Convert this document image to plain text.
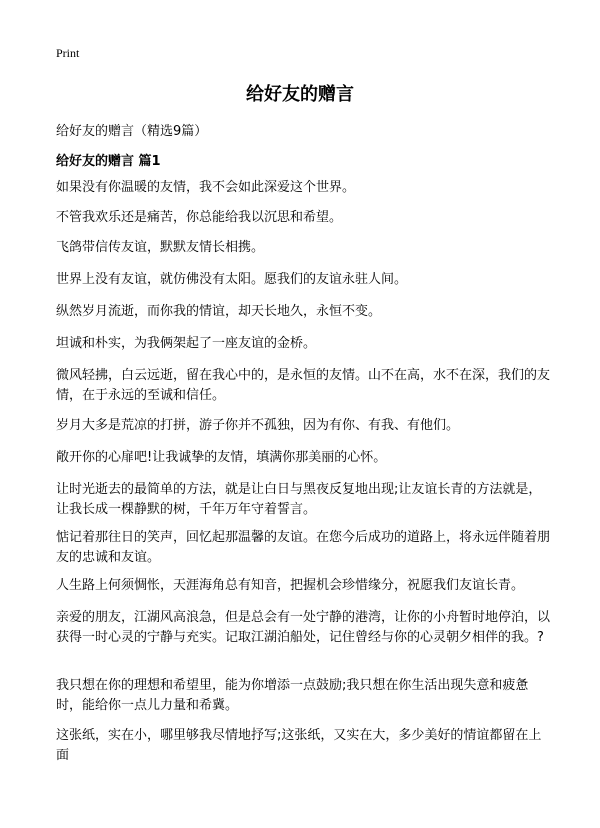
Print
给好友的赠言
给好友的赠言（精选9篇）
给好友的赠言 篇1

如果没有你温暖的友情，我不会如此深爱这个世界。

不管我欢乐还是痛苦，你总能给我以沉思和希望。

飞鸽带信传友谊，默默友情长相携。

世界上没有友谊，就仿佛没有太阳。愿我们的友谊永驻人间。

纵然岁月流逝，而你我的情谊，却天长地久，永恒不变。

坦诚和朴实，为我俩架起了一座友谊的金桥。

微风轻拂，白云远逝，留在我心中的，是永恒的友情。山不在高，水不在深，我们的友情，在于永远的至诚和信任。

岁月大多是荒凉的打拼，游子你并不孤独，因为有你、有我、有他们。

敞开你的心扉吧!让我诚挚的友情，填满你那美丽的心怀。

让时光逝去的最简单的方法，就是让白日与黑夜反复地出现;让友谊长青的方法就是，让我长成一棵静默的树，千年万年守着誓言。

惦记着那往日的笑声，回忆起那温馨的友谊。在您今后成功的道路上，将永远伴随着朋友的忠诚和友谊。

人生路上何须惆怅，天涯海角总有知音，把握机会珍惜缘分，祝愿我们友谊长青。

亲爱的朋友，江湖风高浪急，但是总会有一处宁静的港湾，让你的小舟暂时地停泊，以获得一时心灵的宁静与充实。记取江湖泊船处，记住曾经与你的心灵朝夕相伴的我。?

我只想在你的理想和希望里，能为你增添一点鼓励;我只想在你生活出现失意和疲惫时，能给你一点儿力量和希冀。

这张纸，实在小，哪里够我尽情地抒写;这张纸，又实在大，多少美好的情谊都留在上面
